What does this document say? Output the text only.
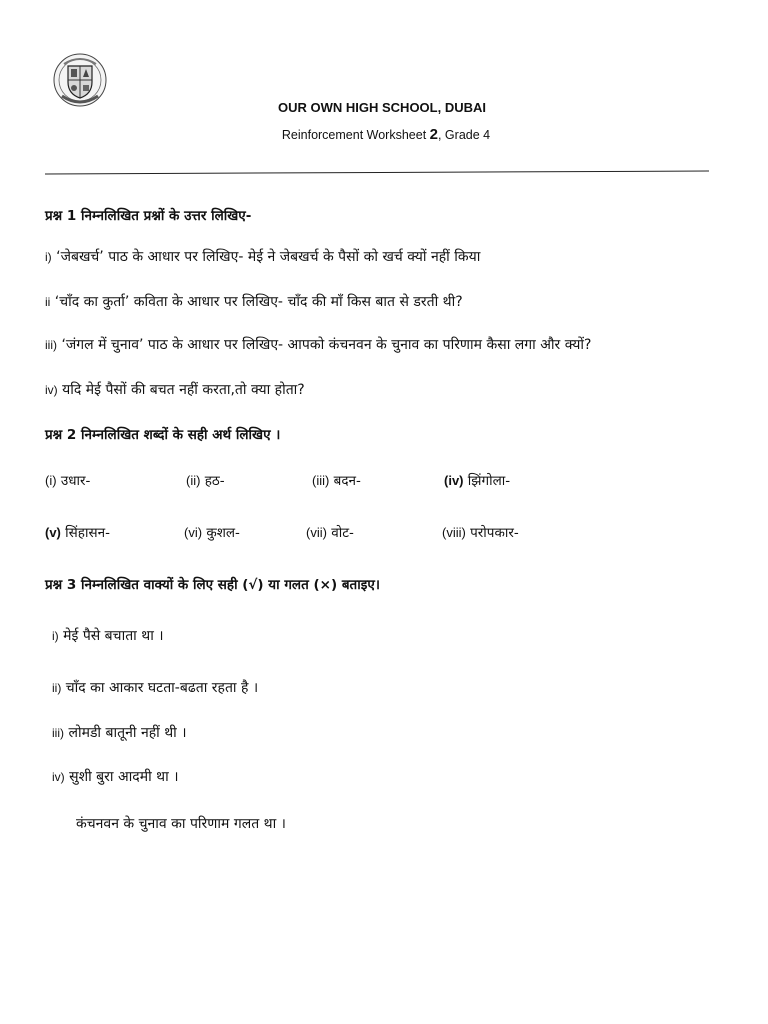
OUR OWN HIGH SCHOOL, DUBAI
Reinforcement Worksheet 2, Grade 4
प्रश्न 1 निम्नलिखित प्रश्नों के उत्तर लिखिए-
i) ‘जेबखर्च’ पाठ के आधार पर लिखिए- मेई ने जेबखर्च के पैसों को खर्च क्यों नहीं किया
ii ‘चाँद का कुर्ता’ कविता के आधार पर लिखिए- चाँद की माँ किस बात से डरती थी?
iii) ‘जंगल में चुनाव’ पाठ के आधार पर लिखिए- आपको कंचनवन के चुनाव का परिणाम कैसा लगा और क्यों?
iv) यदि मेई पैसों की बचत नहीं करता,तो क्या होता?
प्रश्न 2 निम्नलिखित शब्दों के सही अर्थ लिखिए ।
(i) उधार-	(ii) हठ-	(iii) बदन-	(iv) झिंगोला-
(v) सिंहासन-	(vi) कुशल-	(vii) वोट-	(viii) परोपकार-
प्रश्न 3 निम्नलिखित वाक्यों के लिए सही (√) या गलत (×) बताइए।
i) मेई पैसे बचाता था ।
ii) चाँद का आकार घटता-बढता रहता है ।
iii) लोमडी बातूनी नहीं थी ।
iv) सुशी बुरा आदमी था ।
कंचनवन के चुनाव का परिणाम गलत था ।
